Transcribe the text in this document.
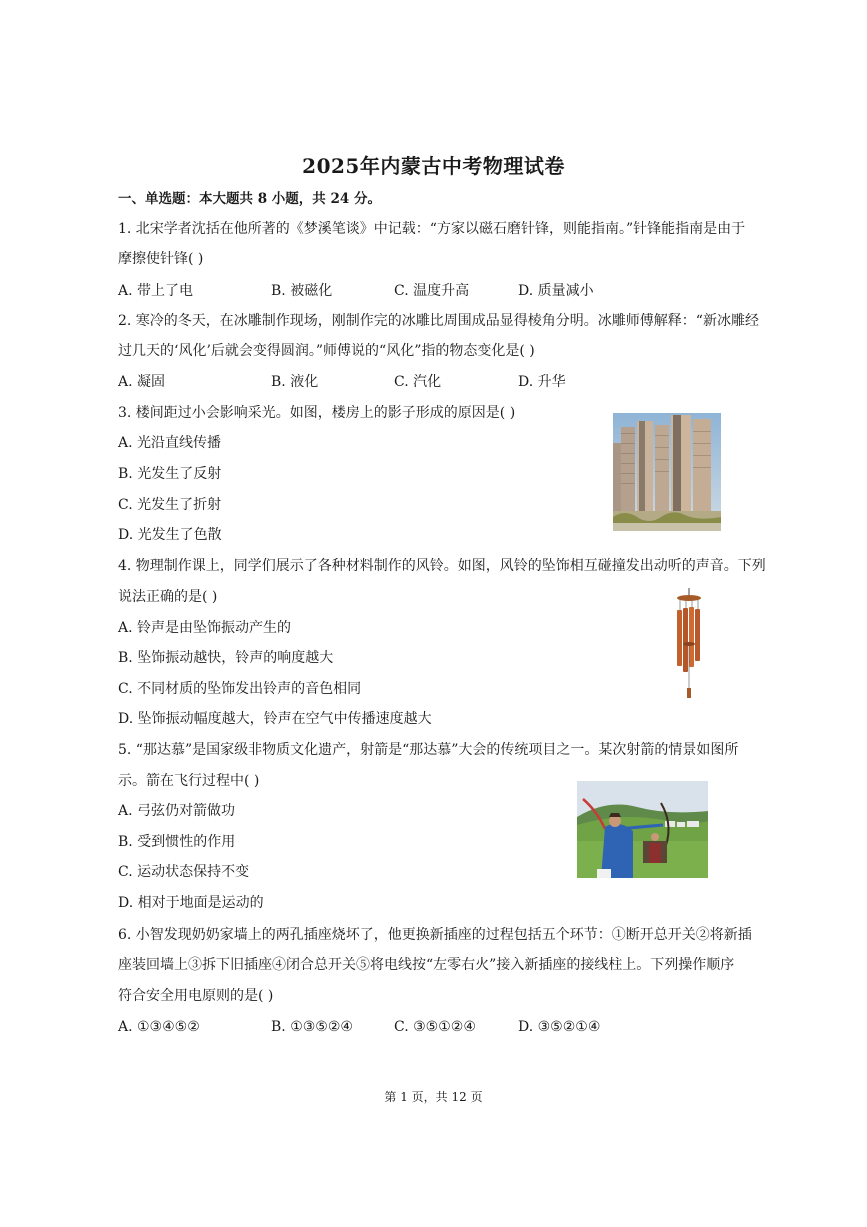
2025年内蒙古中考物理试卷
一、单选题：本大题共 8 小题，共 24 分。
1. 北宋学者沈括在他所著的《梦溪笔谈》中记载：“方家以磁石磨针锋，则能指南。”针锋能指南是由于
摩擦使针锋( )
A. 带上了电	B. 被磁化	C. 温度升高	D. 质量减小
2. 寒冷的冬天，在冰雕制作现场，刚制作完的冰雕比周围成品显得棱角分明。冰雕师傅解释：“新冰雕经
过几天的‘风化’后就会变得圆润。”师傅说的“风化”指的物态变化是( )
A. 凝固	B. 液化	C. 汽化	D. 升华
3. 楼间距过小会影响采光。如图，楼房上的影子形成的原因是( )
A. 光沿直线传播
B. 光发生了反射
C. 光发生了折射
D. 光发生了色散
4. 物理制作课上，同学们展示了各种材料制作的风铃。如图，风铃的坠饰相互碰撞发出动听的声音。下列
说法正确的是( )
A. 铃声是由坠饰振动产生的
B. 坠饰振动越快，铃声的响度越大
C. 不同材质的坠饰发出铃声的音色相同
D. 坠饰振动幅度越大，铃声在空气中传播速度越大
5. “那达慕”是国家级非物质文化遗产，射箭是“那达慕”大会的传统项目之一。某次射箭的情景如图所
示。箭在飞行过程中( )
A. 弓弦仍对箭做功
B. 受到惯性的作用
C. 运动状态保持不变
D. 相对于地面是运动的
6. 小智发现奶奶家墙上的两孔插座烧坏了，他更换新插座的过程包括五个环节：①断开总开关②将新插
座装回墙上③拆下旧插座④闭合总开关⑤将电线按“左零右火”接入新插座的接线柱上。下列操作顺序
符合安全用电原则的是( )
A. ①③④⑤②	B. ①③⑤②④	C. ③⑤①②④	D. ③⑤②①④
第 1 页，共 12 页
